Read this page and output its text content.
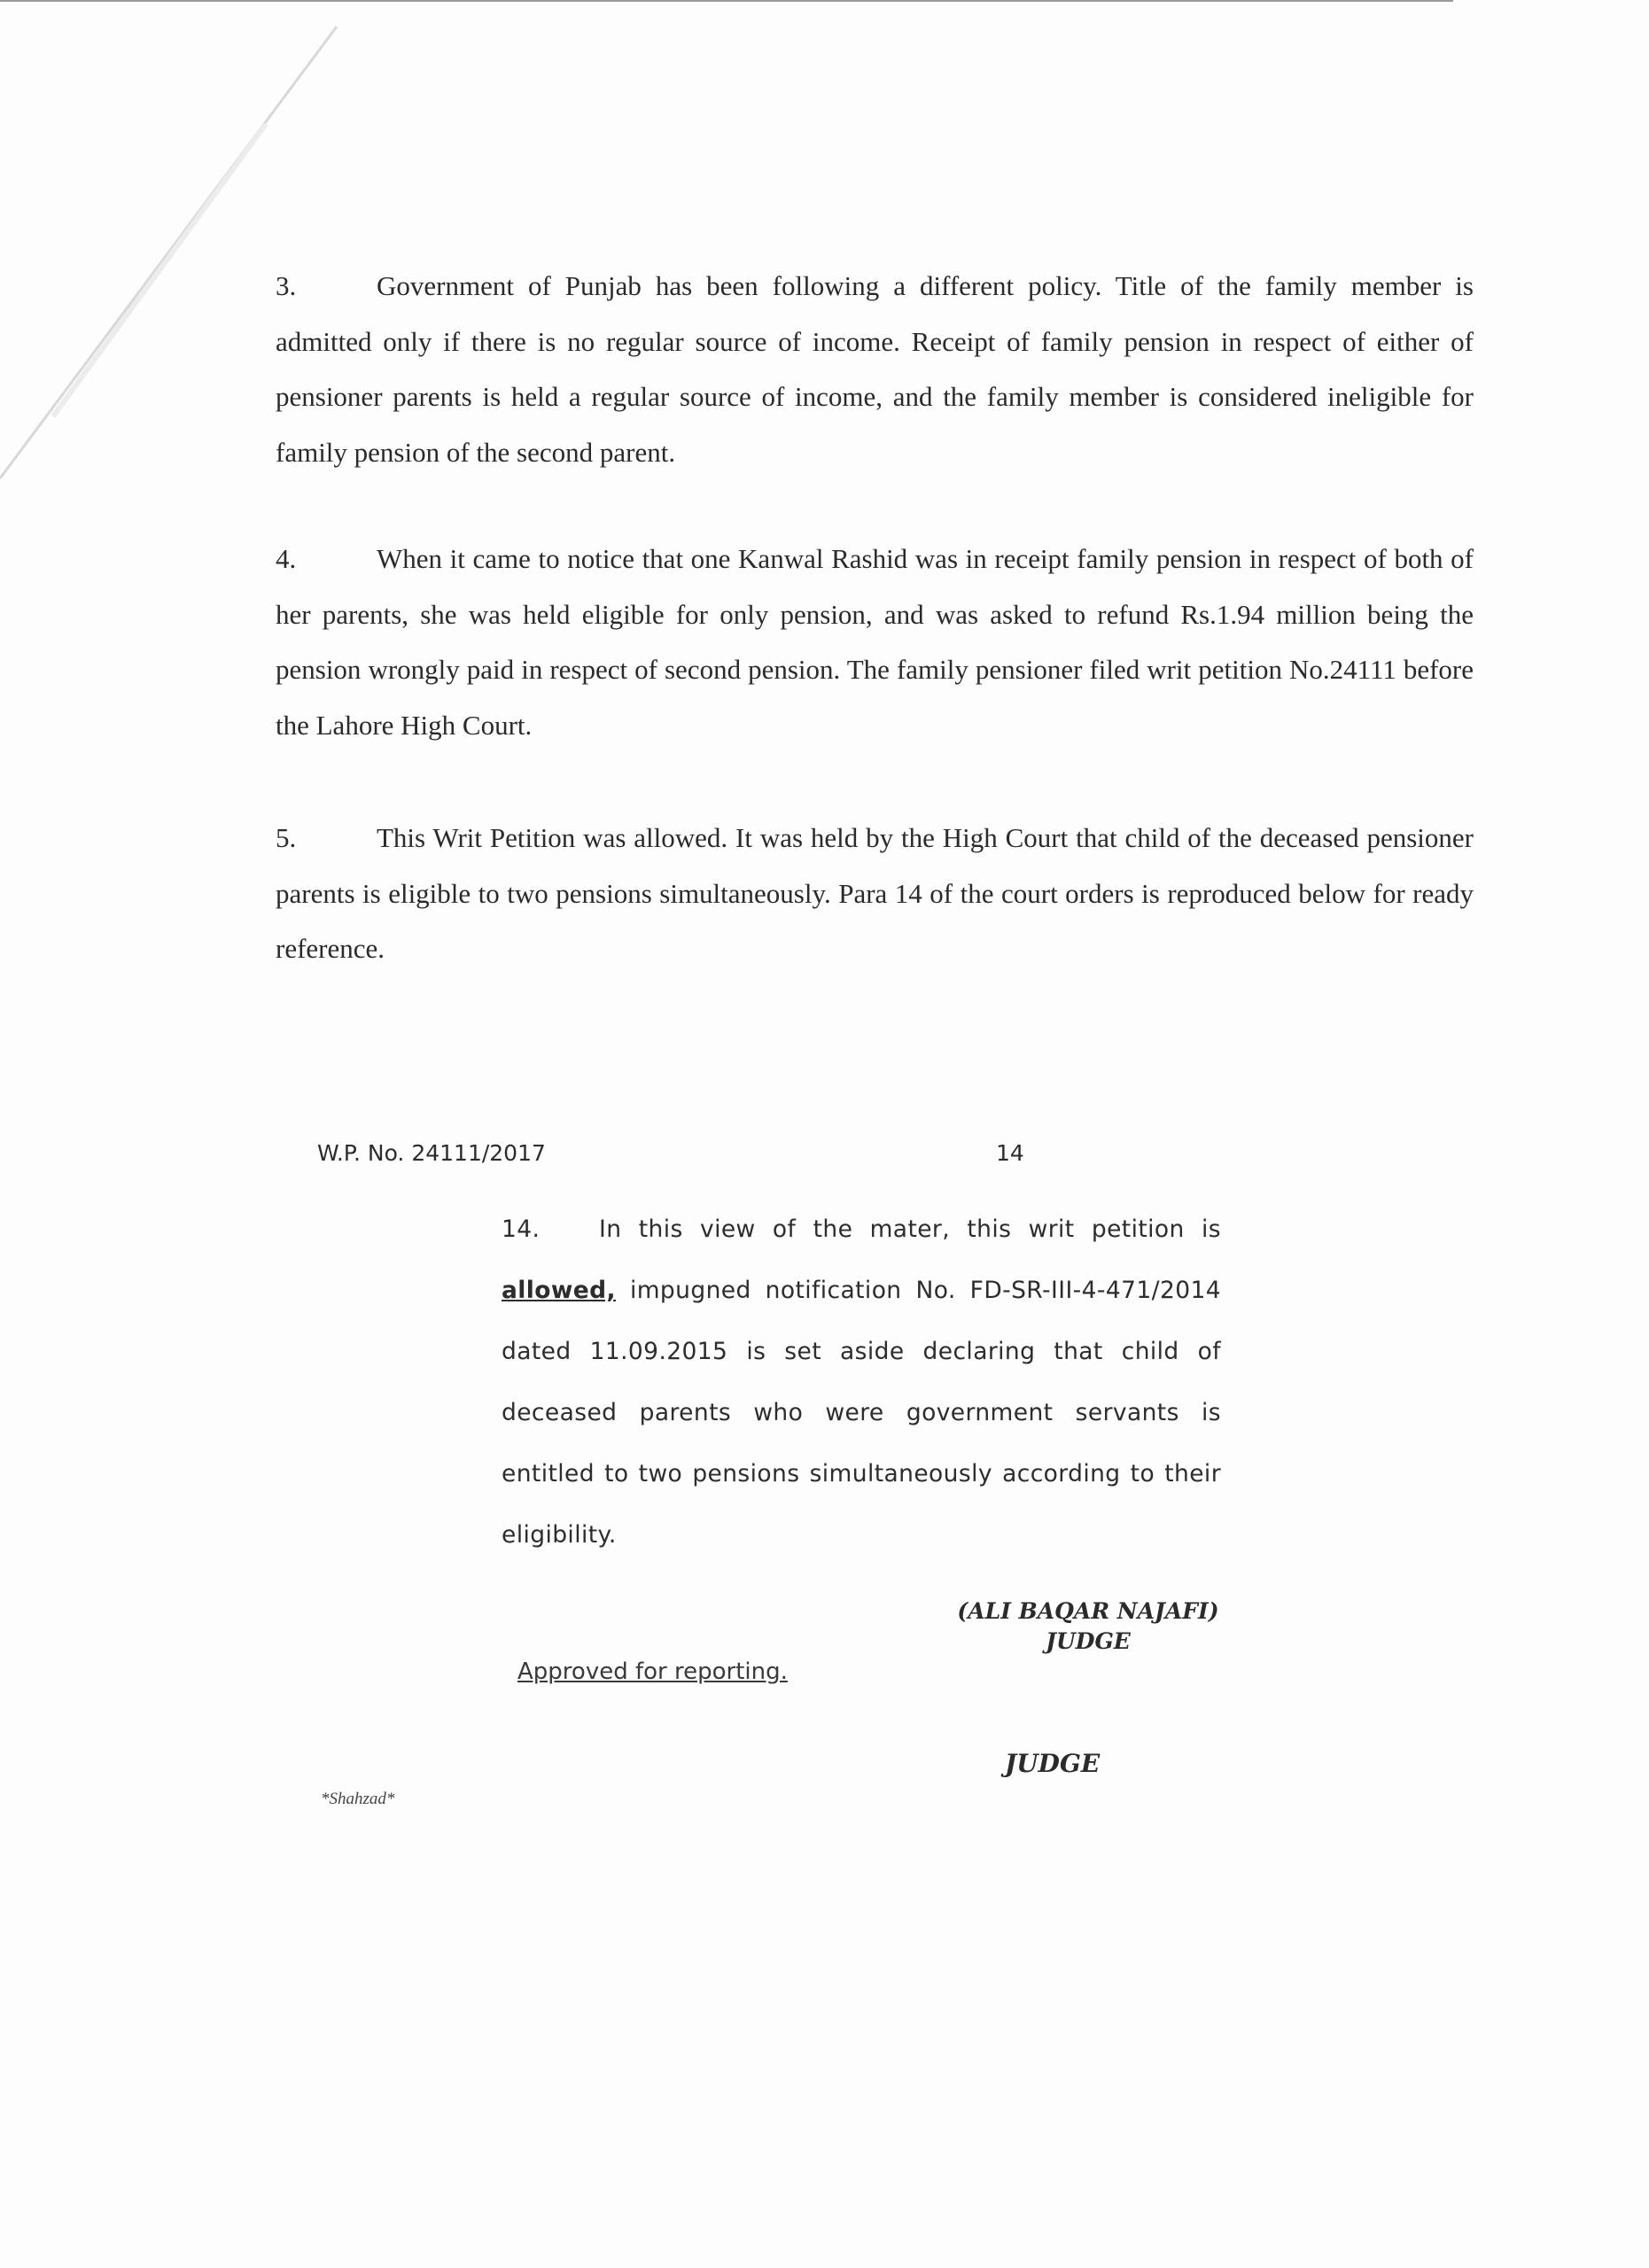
3.	Government of Punjab has been following a different policy. Title of the family member is admitted only if there is no regular source of income. Receipt of family pension in respect of either of pensioner parents is held a regular source of income, and the family member is considered ineligible for family pension of the second parent.

4.	When it came to notice that one Kanwal Rashid was in receipt family pension in respect of both of her parents, she was held eligible for only pension, and was asked to refund Rs.1.94 million being the pension wrongly paid in respect of second pension. The family pensioner filed writ petition No.24111 before the Lahore High Court.

5.	This Writ Petition was allowed. It was held by the High Court that child of the deceased pensioner parents is eligible to two pensions simultaneously. Para 14 of the court orders is reproduced below for ready reference.

W.P. No. 24111/2017	14

14.	In this view of the mater, this writ petition is allowed, impugned notification No. FD-SR-III-4-471/2014 dated 11.09.2015 is set aside declaring that child of deceased parents who were government servants is entitled to two pensions simultaneously according to their eligibility.

(ALI BAQAR NAJAFI)
JUDGE
Approved for reporting.
JUDGE
*Shahzad*
